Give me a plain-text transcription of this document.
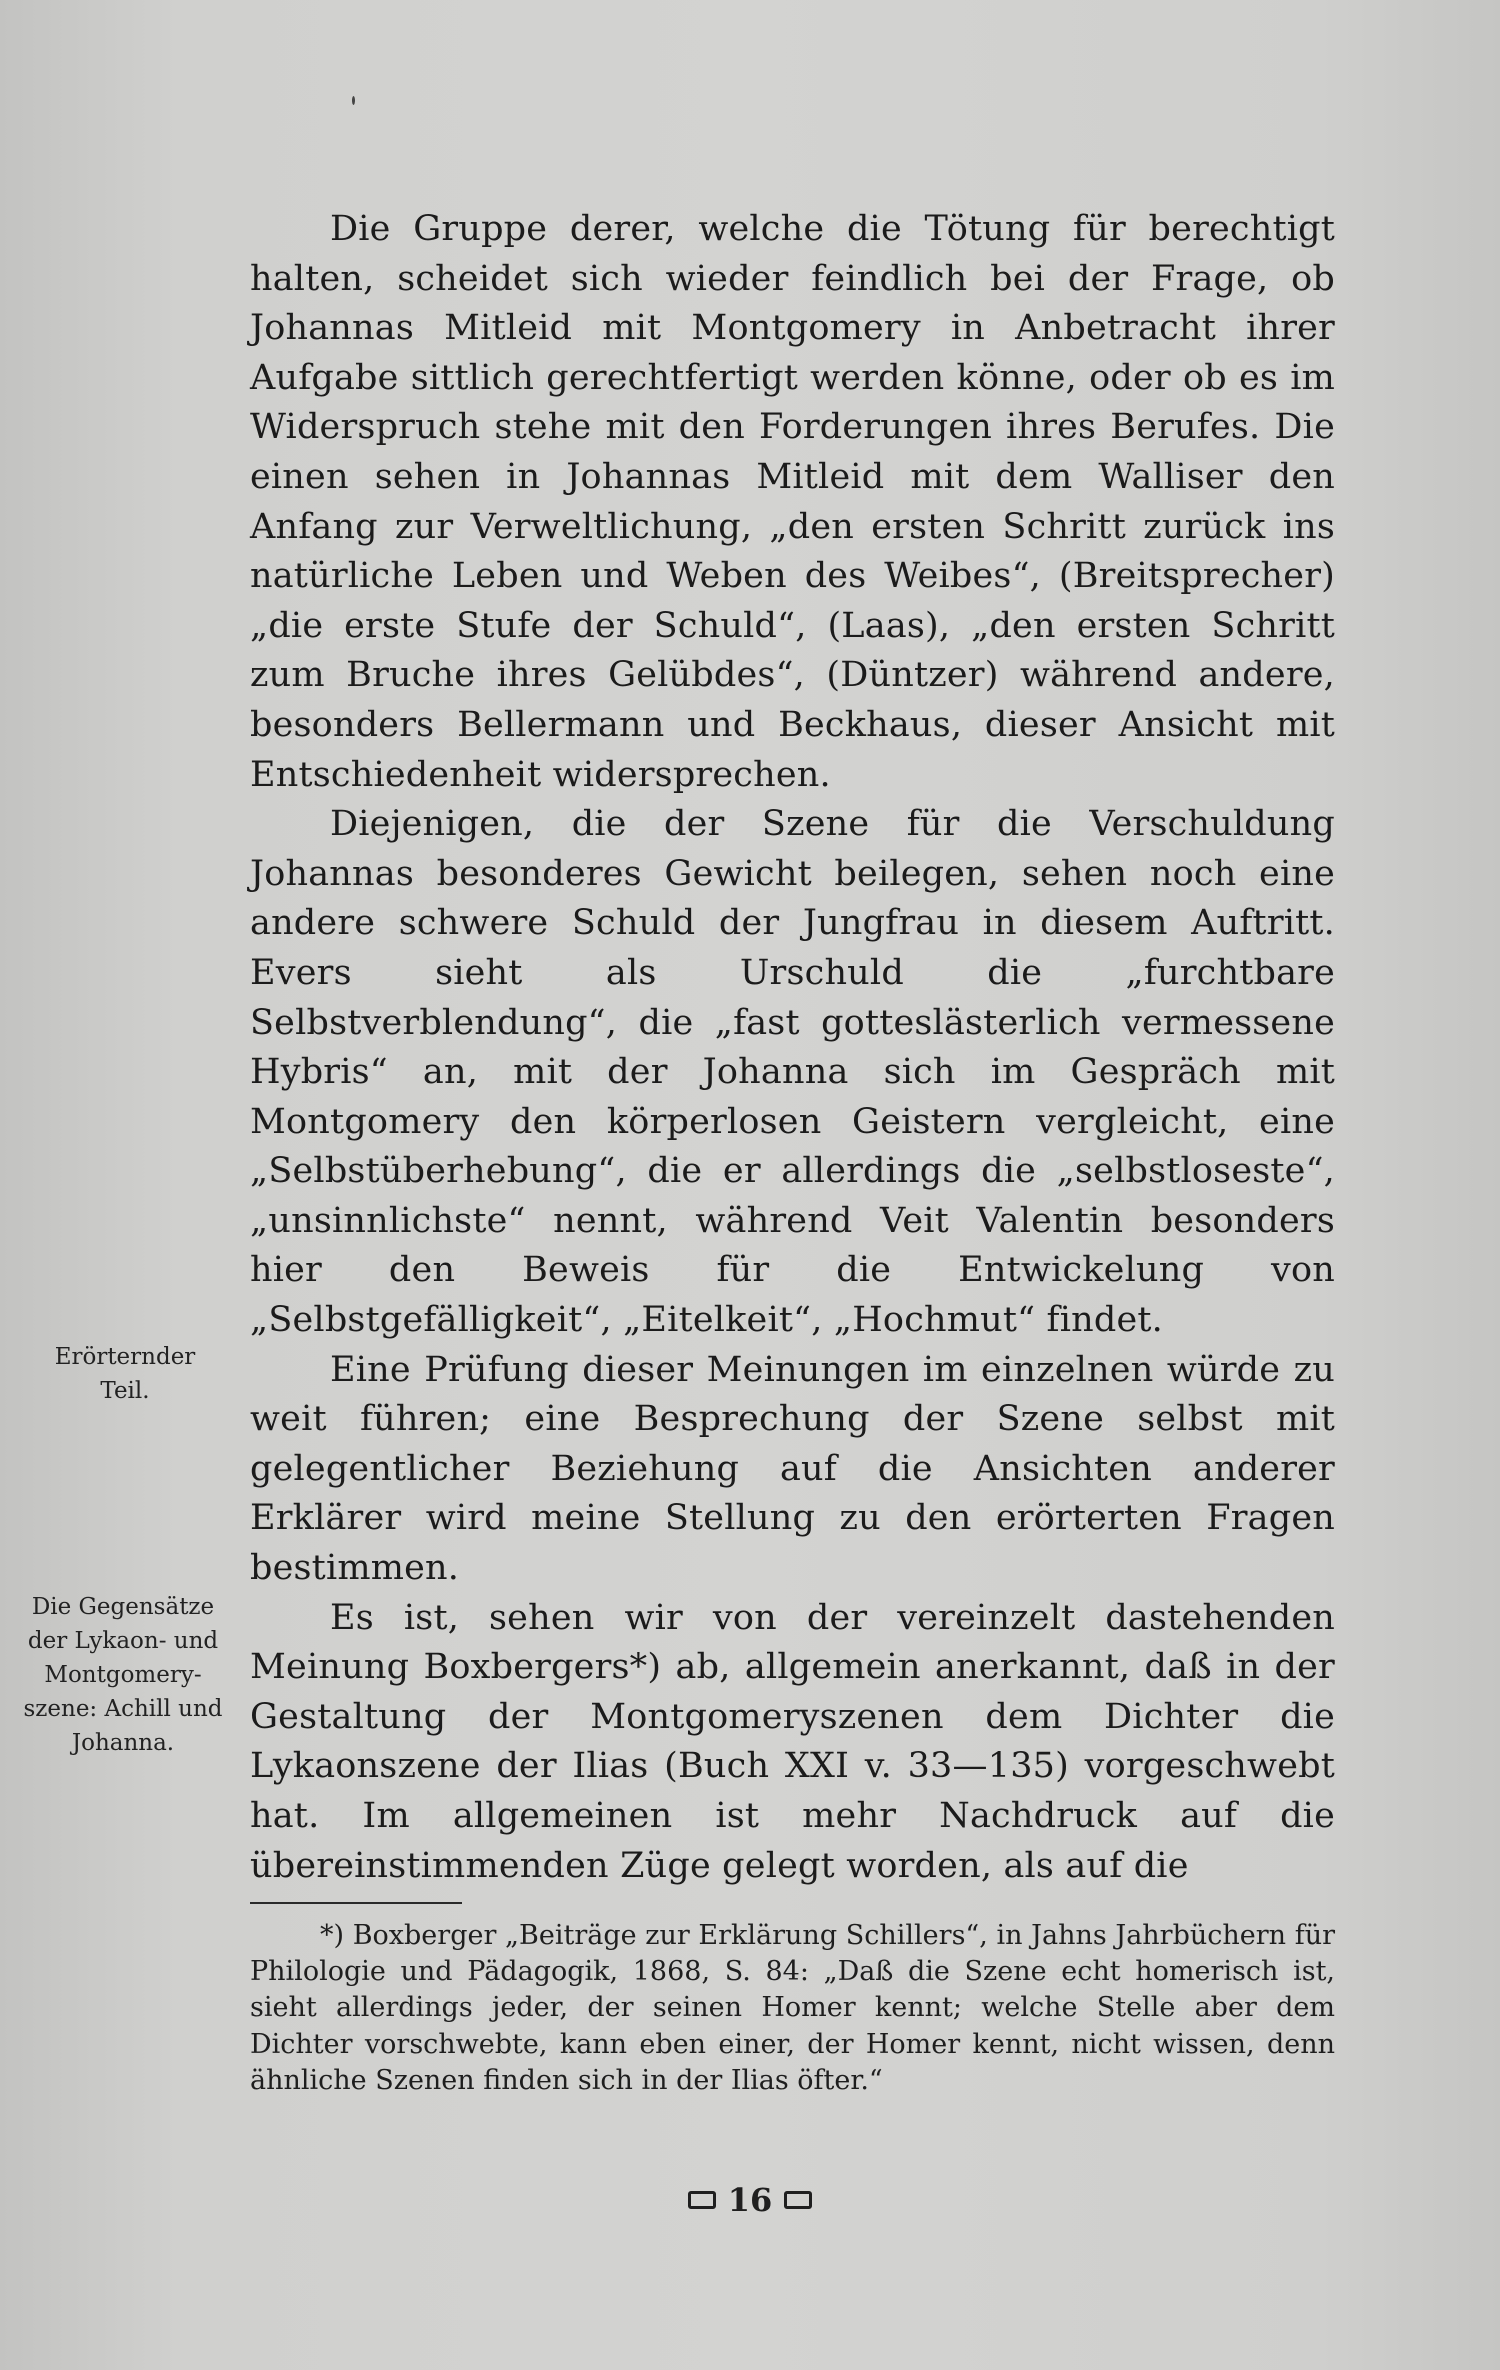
Die Gruppe derer, welche die Tötung für berechtigt halten, scheidet sich wieder feindlich bei der Frage, ob Johannas Mitleid mit Montgomery in Anbetracht ihrer Aufgabe sittlich gerechtfertigt werden könne, oder ob es im Widerspruch stehe mit den Forderungen ihres Berufes. Die einen sehen in Johannas Mitleid mit dem Walliser den Anfang zur Verweltlichung, „den ersten Schritt zurück ins natürliche Leben und Weben des Weibes“, (Breitsprecher) „die erste Stufe der Schuld“, (Laas), „den ersten Schritt zum Bruche ihres Gelübdes“, (Düntzer) während andere, besonders Bellermann und Beckhaus, dieser Ansicht mit Entschiedenheit widersprechen.

Diejenigen, die der Szene für die Verschuldung Johannas besonderes Gewicht beilegen, sehen noch eine andere schwere Schuld der Jungfrau in diesem Auftritt. Evers sieht als Urschuld die „furchtbare Selbstverblendung“, die „fast gotteslästerlich vermessene Hybris“ an, mit der Johanna sich im Gespräch mit Montgomery den körperlosen Geistern vergleicht, eine „Selbstüberhebung“, die er allerdings die „selbstloseste“, „unsinnlichste“ nennt, während Veit Valentin besonders hier den Beweis für die Entwickelung von „Selbstgefälligkeit“, „Eitelkeit“, „Hochmut“ findet.

Eine Prüfung dieser Meinungen im einzelnen würde zu weit führen; eine Besprechung der Szene selbst mit gelegentlicher Beziehung auf die Ansichten anderer Erklärer wird meine Stellung zu den erörterten Fragen bestimmen.

Es ist, sehen wir von der vereinzelt dastehenden Meinung Boxbergers*) ab, allgemein anerkannt, daß in der Gestaltung der Montgomeryszenen dem Dichter die Lykaonszene der Ilias (Buch XXI v. 33—135) vorgeschwebt hat. Im allgemeinen ist mehr Nachdruck auf die übereinstimmenden Züge gelegt worden, als auf die

Erörternder
Teil.
Die Gegensätze
der Lykaon- und
Montgomery-
szene: Achill und
Johanna.
*) Boxberger „Beiträge zur Erklärung Schillers“, in Jahns Jahrbüchern für Philologie und Pädagogik, 1868, S. 84: „Daß die Szene echt homerisch ist, sieht allerdings jeder, der seinen Homer kennt; welche Stelle aber dem Dichter vorschwebte, kann eben einer, der Homer kennt, nicht wissen, denn ähnliche Szenen finden sich in der Ilias öfter.“
16
